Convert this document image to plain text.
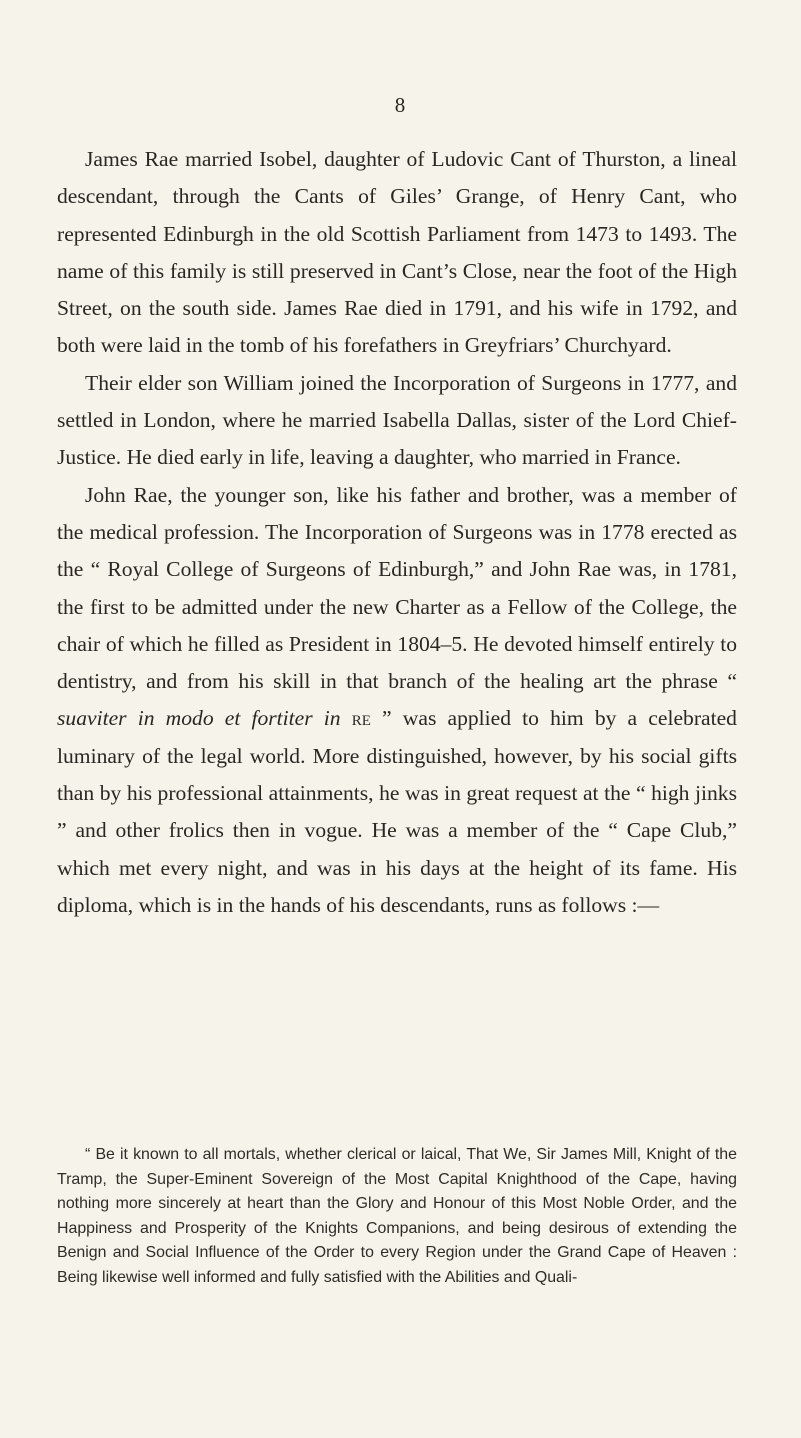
8

James Rae married Isobel, daughter of Ludovic Cant of Thurston, a lineal descendant, through the Cants of Giles’ Grange, of Henry Cant, who represented Edinburgh in the old Scottish Parliament from 1473 to 1493. The name of this family is still preserved in Cant’s Close, near the foot of the High Street, on the south side. James Rae died in 1791, and his wife in 1792, and both were laid in the tomb of his forefathers in Greyfriars’ Churchyard.

Their elder son William joined the Incorporation of Surgeons in 1777, and settled in London, where he married Isabella Dallas, sister of the Lord Chief-Justice. He died early in life, leaving a daughter, who married in France.

John Rae, the younger son, like his father and brother, was a member of the medical profession. The Incorporation of Surgeons was in 1778 erected as the “ Royal College of Surgeons of Edinburgh,” and John Rae was, in 1781, the first to be admitted under the new Charter as a Fellow of the College, the chair of which he filled as President in 1804–5. He devoted himself entirely to dentistry, and from his skill in that branch of the healing art the phrase “ suaviter in modo et fortiter in re ” was applied to him by a celebrated luminary of the legal world. More distinguished, however, by his social gifts than by his professional attainments, he was in great request at the “ high jinks ” and other frolics then in vogue. He was a member of the “ Cape Club,” which met every night, and was in his days at the height of its fame. His diploma, which is in the hands of his descendants, runs as follows :—

“ Be it known to all mortals, whether clerical or laical, That We, Sir James Mill, Knight of the Tramp, the Super-Eminent Sovereign of the Most Capital Knighthood of the Cape, having nothing more sincerely at heart than the Glory and Honour of this Most Noble Order, and the Happiness and Prosperity of the Knights Companions, and being desirous of extending the Benign and Social Influence of the Order to every Region under the Grand Cape of Heaven : Being likewise well informed and fully satisfied with the Abilities and Quali-
